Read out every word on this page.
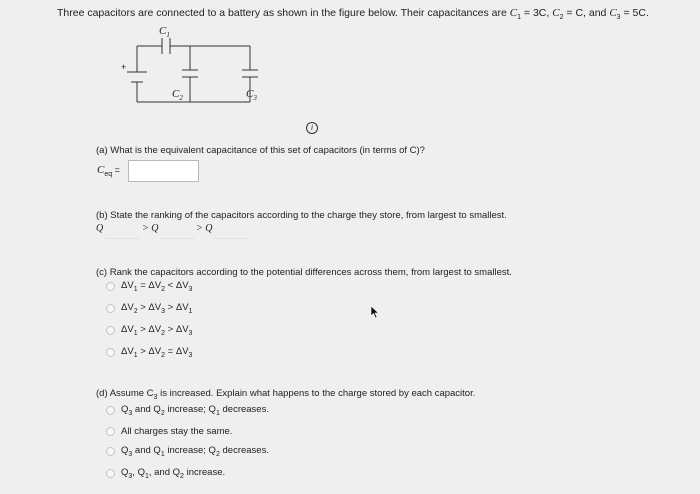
Three capacitors are connected to a battery as shown in the figure below. Their capacitances are $C_1 = 3C$, $C_2 = C$, and $C_3 = 5C$.
$C_1$
+
$C_2$	$C_3$
i
(a) What is the equivalent capacitance of this set of capacitors (in terms of C)?
$C_{eq}$ =
(b) State the ranking of the capacitors according to the charge they store, from largest to smallest.
Q	> Q	> Q
(c) Rank the capacitors according to the potential differences across them, from largest to smallest.
$\Delta V_1 = \Delta V_2 < \Delta V_3$
$\Delta V_2 > \Delta V_3 > \Delta V_1$
$\Delta V_1 > \Delta V_2 > \Delta V_3$
$\Delta V_1 > \Delta V_2 = \Delta V_3$
(d) Assume $C_3$ is increased. Explain what happens to the charge stored by each capacitor.
$Q_3$ and $Q_2$ increase; $Q_1$ decreases.
All charges stay the same.
$Q_3$ and $Q_1$ increase; $Q_2$ decreases.
$Q_3$, $Q_1$, and $Q_2$ increase.
